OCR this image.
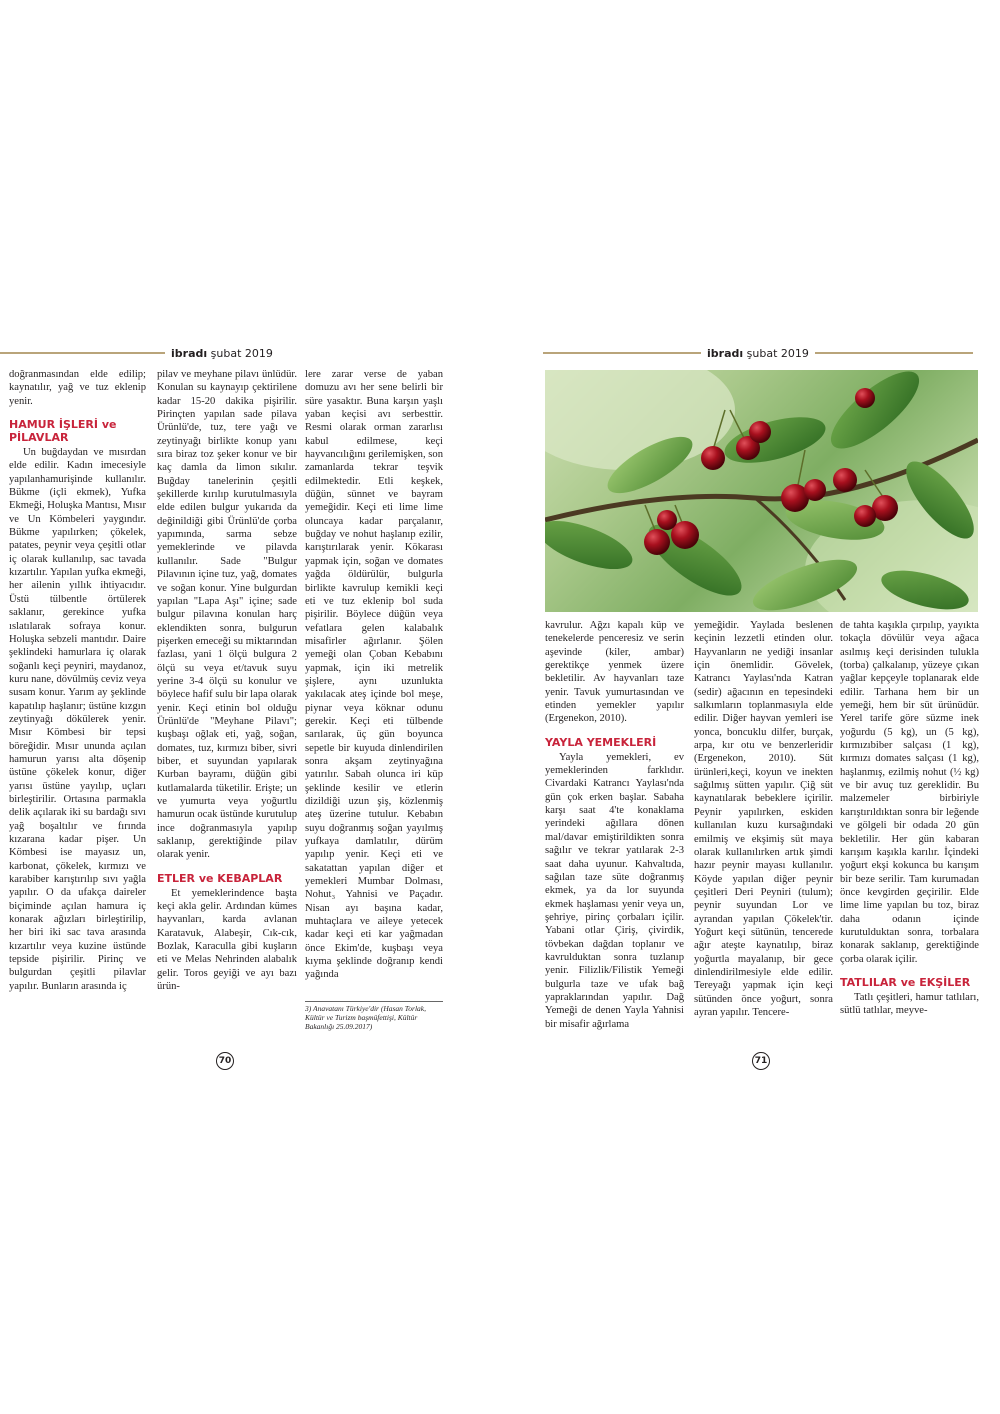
ibradı şubat 2019

doğranmasından elde edilip; kaynatılır, yağ ve tuz eklenip yenir.

HAMUR İŞLERİ ve PİLAVLAR

Un buğdaydan ve mısırdan elde edilir. Kadın imecesiyle yapılanhamurişinde kullanılır. Bükme (içli ekmek), Yufka Ekmeği, Holuşka Mantısı, Mısır ve Un Kömbeleri yaygındır. Bükme yapılırken; çökelek, patates, peynir veya çeşitli otlar iç olarak kullanılıp, sac tavada kızartılır. Yapılan yufka ekmeği, her ailenin yıllık ihtiyacıdır. Üstü tülbentle örtülerek saklanır, gerekince yufka ıslatılarak sofraya konur. Holuşka sebzeli mantıdır. Daire şeklindeki hamurlara iç olarak soğanlı keçi peyniri, maydanoz, kuru nane, dövülmüş ceviz veya susam konur. Yarım ay şeklinde kapatılıp haşlanır; üstüne kızgın zeytinyağı dökülerek yenir. Mısır Kömbesi bir tepsi böreğidir. Mısır ununda açılan hamurun yarısı alta döşenip üstüne çökelek konur, diğer yarısı üstüne yayılıp, uçları birleştirilir. Ortasına parmakla delik açılarak iki su bardağı sıvı yağ boşaltılır ve fırında kızarana kadar pişer. Un Kömbesi ise mayasız un, karbonat, çökelek, kırmızı ve karabiber karıştırılıp sıvı yağla yapılır. O da ufakça daireler biçiminde açılan hamura iç konarak ağızları birleştirilip, her biri iki sac tava arasında kızartılır veya kuzine üstünde tepside pişirilir. Pirinç ve bulgurdan çeşitli pilavlar yapılır. Bunların arasında iç

pilav ve meyhane pilavı ünlüdür. Konulan su kaynayıp çektirilene kadar 15-20 dakika pişirilir. Pirinçten yapılan sade pilava Ürünlü'de, tuz, tere yağı ve zeytinyağı birlikte konup yanı sıra biraz toz şeker konur ve bir kaç damla da limon sıkılır. Buğday tanelerinin çeşitli şekillerde kırılıp kurutulmasıyla elde edilen bulgur yukarıda da değinildiği gibi Ürünlü'de çorba yapımında, sarma sebze yemeklerinde ve pilavda kullanılır. Sade "Bulgur Pilavının içine tuz, yağ, domates ve soğan konur. Yine bulgurdan yapılan "Lapa Aşı" içine; sade bulgur pilavına konulan harç eklendikten sonra, bulgurun pişerken emeceği su miktarından fazlası, yani 1 ölçü bulgura 2 ölçü su veya et/tavuk suyu yerine 3-4 ölçü su konulur ve böylece hafif sulu bir lapa olarak yenir. Keçi etinin bol olduğu Ürünlü'de "Meyhane Pilavı"; kuşbaşı oğlak eti, yağ, soğan, domates, tuz, kırmızı biber, sivri biber, et suyundan yapılarak Kurban bayramı, düğün gibi kutlamalarda tüketilir. Erişte; un ve yumurta veya yoğurtlu hamurun ocak üstünde kurutulup ince doğranmasıyla yapılıp saklanıp, gerektiğinde pilav olarak yenir.

ETLER ve KEBAPLAR

Et yemeklerindence başta keçi akla gelir. Ardından kümes hayvanları, karda avlanan Karatavuk, Alabeşir, Cık-cık, Bozlak, Karaculla gibi kuşların eti ve Melas Nehrinden alabalık gelir. Toros geyiği ve ayı bazı ürün-

lere zarar verse de yaban domuzu avı her sene belirli bir süre yasaktır. Buna karşın yaşlı yaban keçisi avı serbesttir. Resmi olarak orman zararlısı kabul edilmese, keçi hayvancılığını gerilemişken, son zamanlarda tekrar teşvik edilmektedir. Etli keşkek, düğün, sünnet ve bayram yemeğidir. Keçi eti lime lime oluncaya kadar parçalanır, buğday ve nohut haşlanıp ezilir, karıştırılarak yenir. Kökarası yapmak için, soğan ve domates yağda öldürülür, bulgurla birlikte kavrulup kemikli keçi eti ve tuz eklenip bol suda pişirilir. Böylece düğün veya vefatlara gelen kalabalık misafirler ağırlanır. Şölen yemeği olan Çoban Kebabını yapmak, için iki metrelik şişlere, aynı uzunlukta yakılacak ateş içinde bol meşe, piynar veya köknar odunu gerekir. Keçi eti tülbende sarılarak, üç gün boyunca sepetle bir kuyuda dinlendirilen sonra akşam zeytinyağına yatırılır. Sabah olunca iri küp şeklinde kesilir ve etlerin dizildiği uzun şiş, közlenmiş ateş üzerine tutulur. Kebabın suyu doğranmış soğan yayılmış yufkaya damlatılır, dürüm yapılıp yenir. Keçi eti ve sakatattan yapılan diğer et yemekleri Mumbar Dolması, Nohut₃ Yahnisi ve Paçadır. Nisan ayı başına kadar, muhtaçlara ve aileye yetecek kadar keçi eti kar yağmadan önce Ekim'de, kuşbaşı veya kıyma şeklinde doğranıp kendi yağında

3) Anavatanı Türkiye'dir (Hasan Torlak, Kültür ve Turizm başmüfettişi, Kültür Bakanlığı 25.09.2017)
70
ibradı şubat 2019

kavrulur. Ağzı kapalı küp ve tenekelerde penceresiz ve serin aşevinde (kiler, ambar) gerektikçe yenmek üzere bekletilir. Av hayvanları taze yenir. Tavuk yumurtasından ve etinden yemekler yapılır (Ergenekon, 2010).

YAYLA YEMEKLERİ

Yayla yemekleri, ev yemeklerinden farklıdır. Civardaki Katrancı Yaylası'nda gün çok erken başlar. Sabaha karşı saat 4'te konaklama yerindeki ağıllara dönen mal/davar emiştirildikten sonra sağılır ve tekrar yatılarak 2-3 saat daha uyunur. Kahvaltıda, sağılan taze süte doğranmış ekmek, ya da lor suyunda ekmek haşlaması yenir veya un, şehriye, pirinç çorbaları içilir. Yabani otlar Çiriş, çivirdik, tövbekan dağdan toplanır ve kavrulduktan sonra tuzlanıp yenir. Filizlik/Filistik Yemeği bulgurla taze ve ufak bağ yapraklarından yapılır. Dağ Yemeği de denen Yayla Yahnisi bir misafir ağırlama

yemeğidir. Yaylada beslenen keçinin lezzetli etinden olur. Hayvanların ne yediği insanlar için önemlidir. Gövelek, Katrancı Yaylası'nda Katran (sedir) ağacının en tepesindeki salkımların toplanmasıyla elde edilir. Diğer hayvan yemleri ise yonca, boncuklu dilfer, burçak, arpa, kır otu ve benzerleridir (Ergenekon, 2010). Süt ürünleri,keçi, koyun ve inekten sağılmış sütten yapılır. Çiğ süt kaynatılarak bebeklere içirilir. Peynir yapılırken, eskiden kullanılan kuzu kursağındaki emilmiş ve ekşimiş süt maya olarak kullanılırken artık şimdi hazır peynir mayası kullanılır. Köyde yapılan diğer peynir çeşitleri Deri Peyniri (tulum); peynir suyundan Lor ve ayrandan yapılan Çökelek'tir. Yoğurt keçi sütünün, tencerede ağır ateşte kaynatılıp, biraz yoğurtla mayalanıp, bir gece dinlendirilmesiyle elde edilir. Tereyağı yapmak için keçi sütünden önce yoğurt, sonra ayran yapılır. Tencere-

de tahta kaşıkla çırpılıp, yayıkta tokaçla dövülür veya ağaca asılmış keçi derisinden tulukla (torba) çalkalanıp, yüzeye çıkan yağlar kepçeyle toplanarak elde edilir. Tarhana hem bir un yemeği, hem bir süt ürünüdür. Yerel tarife göre süzme inek yoğurdu (5 kg), un (5 kg), kırmızıbiber salçası (1 kg), kırmızı domates salçası (1 kg), haşlanmış, ezilmiş nohut (½ kg) ve bir avuç tuz gereklidir. Bu malzemeler birbiriyle karıştırıldıktan sonra bir leğende ve gölgeli bir odada 20 gün bekletilir. Her gün kabaran karışım kaşıkla karılır. İçindeki yoğurt ekşi kokunca bu karışım bir beze serilir. Tam kurumadan önce kevgirden geçirilir. Elde lime lime yapılan bu toz, biraz daha odanın içinde kurutulduktan sonra, torbalara konarak saklanıp, gerektiğinde çorba olarak içilir.

TATLILAR ve EKŞİLER

Tatlı çeşitleri, hamur tatlıları, sütlü tatlılar, meyve-

71
